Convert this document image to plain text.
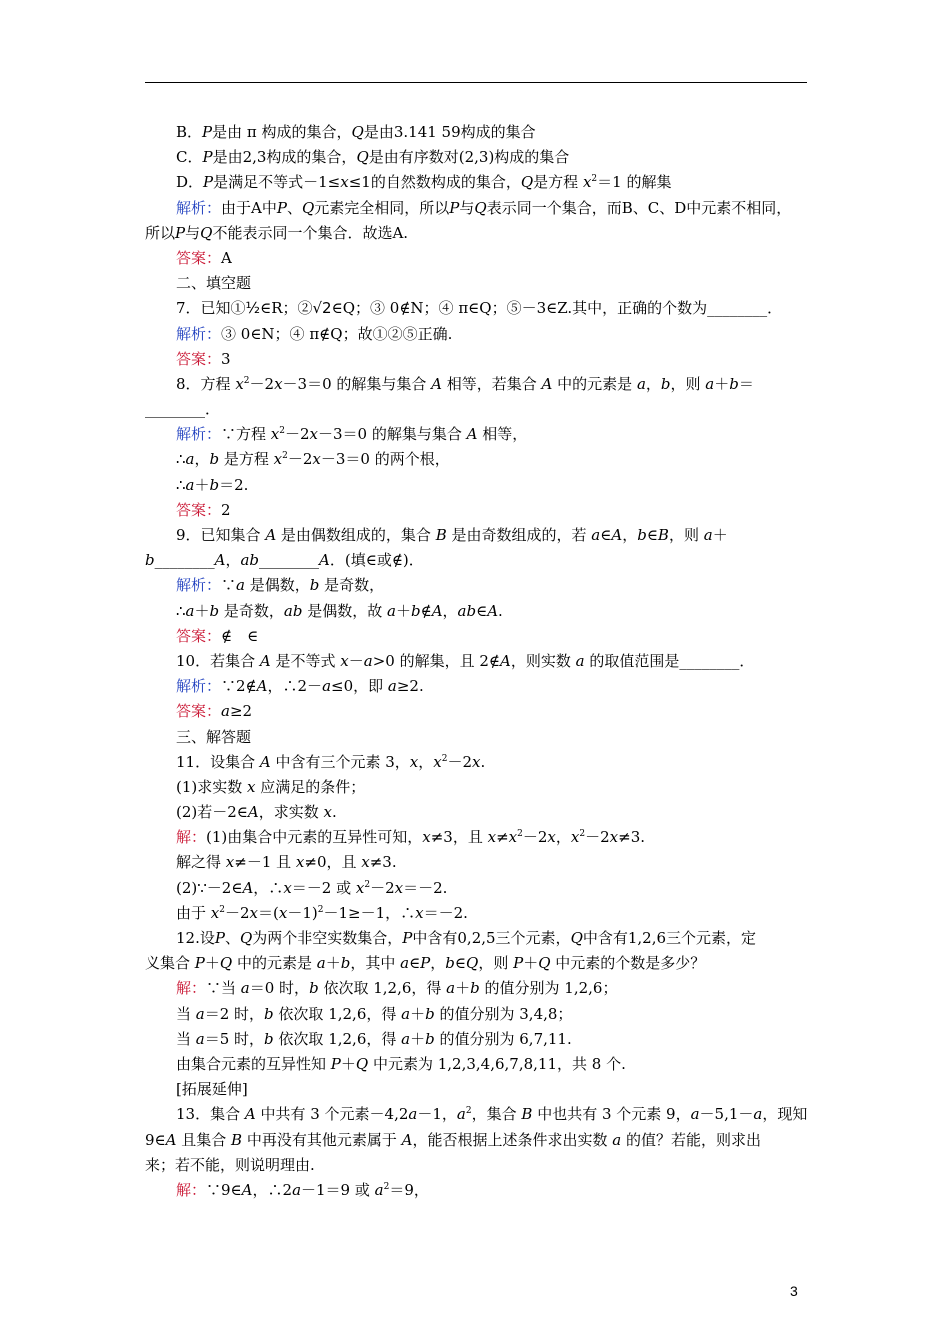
B．P是由 π 构成的集合，Q是由3.141 59构成的集合
C．P是由2,3构成的集合，Q是由有序数对(2,3)构成的集合
D．P是满足不等式－1≤x≤1的自然数构成的集合，Q是方程 $x^2=1$ 的解集
解析：由于A中P、Q元素完全相同，所以P与Q表示同一个集合，而B、C、D中元素不相同，
所以P与Q不能表示同一个集合．故选A.
答案：A
二、填空题
7．已知①½∈R；②√2∈Q；③ 0∉N；④ π∈Q；⑤－3∈Z.其中，正确的个数为________．
解析：③ 0∈N；④ π∉Q；故①②⑤正确.
答案：3
8．方程 $x^2-2x-3=0$ 的解集与集合 A 相等，若集合 A 中的元素是 a，b，则 a＋b＝
________．
解析：∵方程 $x^2-2x-3=0$ 的解集与集合 A 相等，
∴a，b 是方程 $x^2-2x-3=0$ 的两个根，
∴a＋b＝2.
答案：2
9．已知集合 A 是由偶数组成的，集合 B 是由奇数组成的，若 a∈A，b∈B，则 a＋
b________A，ab________A．(填∈或∉)．
解析：∵a 是偶数，b 是奇数，
∴a＋b 是奇数，ab 是偶数，故 a＋b∉A，ab∈A.
答案：∉　∈
10．若集合 A 是不等式 x－a>0 的解集，且 2∉A，则实数 a 的取值范围是________．
解析：∵2∉A，∴2－a≤0，即 a≥2.
答案：a≥2
三、解答题
11．设集合 A 中含有三个元素 3，x，$x^2-2x$.
(1)求实数 x 应满足的条件；
(2)若－2∈A，求实数 x.
解：(1)由集合中元素的互异性可知，x≠3，且 $x\ne x^2-2x$，$x^2-2x\ne 3$.
解之得 x≠－1 且 x≠0，且 x≠3.
(2)∵－2∈A，∴x＝－2 或 $x^2-2x=-2$.
由于 $x^2-2x=(x-1)^2-1\ge-1$，∴x＝－2.
12.设P、Q为两个非空实数集合，P中含有0,2,5三个元素，Q中含有1,2,6三个元素，定
义集合 P＋Q 中的元素是 a＋b，其中 a∈P，b∈Q，则 P＋Q 中元素的个数是多少？
解：∵当 a＝0 时，b 依次取 1,2,6，得 a＋b 的值分别为 1,2,6；
当 a＝2 时，b 依次取 1,2,6，得 a＋b 的值分别为 3,4,8；
当 a＝5 时，b 依次取 1,2,6，得 a＋b 的值分别为 6,7,11.
由集合元素的互异性知 P＋Q 中元素为 1,2,3,4,6,7,8,11，共 8 个.
[拓展延伸]
13．集合 A 中共有 3 个元素－4,2a－1，$a^2$，集合 B 中也共有 3 个元素 9，a－5,1－a，现知
9∈A 且集合 B 中再没有其他元素属于 A，能否根据上述条件求出实数 a 的值？若能，则求出
来；若不能，则说明理由.
解：∵9∈A，∴2a－1＝9 或 $a^2=9$，
3
